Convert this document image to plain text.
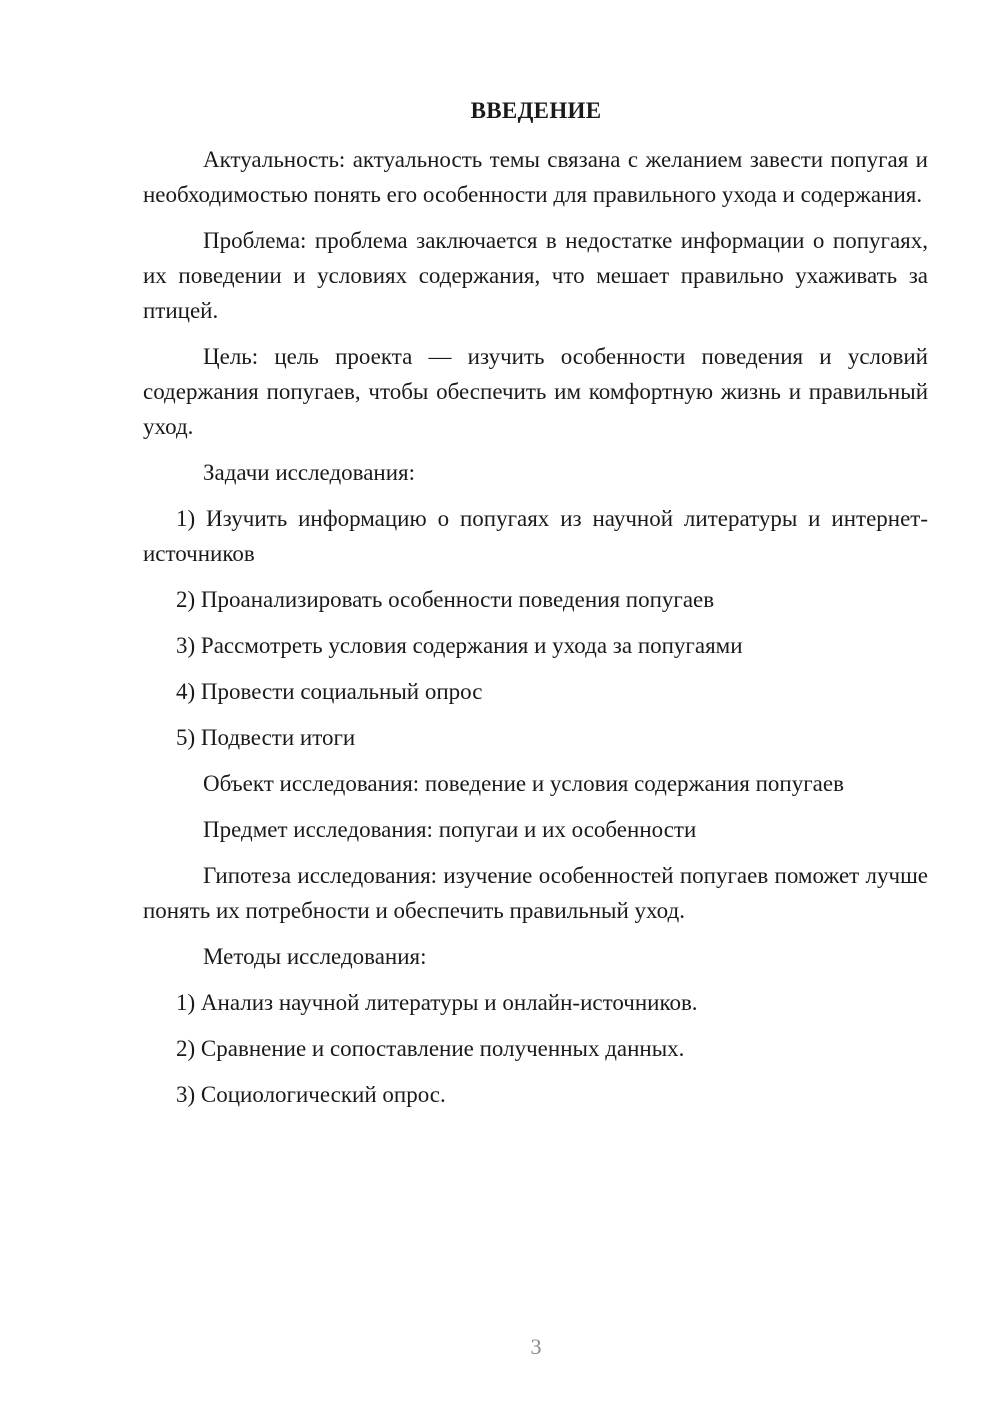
ВВЕДЕНИЕ

Актуальность: актуальность темы связана с желанием завести попугая и необходимостью понять его особенности для правильного ухода и содержания.

Проблема: проблема заключается в недостатке информации о попугаях, их поведении и условиях содержания, что мешает правильно ухаживать за птицей.

Цель: цель проекта — изучить особенности поведения и условий содержания попугаев, чтобы обеспечить им комфортную жизнь и правильный уход.

Задачи исследования:

1) Изучить информацию о попугаях из научной литературы и интернет-источников

2) Проанализировать особенности поведения попугаев

3) Рассмотреть условия содержания и ухода за попугаями

4) Провести социальный опрос

5) Подвести итоги

Объект исследования: поведение и условия содержания попугаев

Предмет исследования: попугаи и их особенности

Гипотеза исследования: изучение особенностей попугаев поможет лучше понять их потребности и обеспечить правильный уход.

Методы исследования:

1) Анализ научной литературы и онлайн-источников.

2) Сравнение и сопоставление полученных данных.

3) Социологический опрос.

3
